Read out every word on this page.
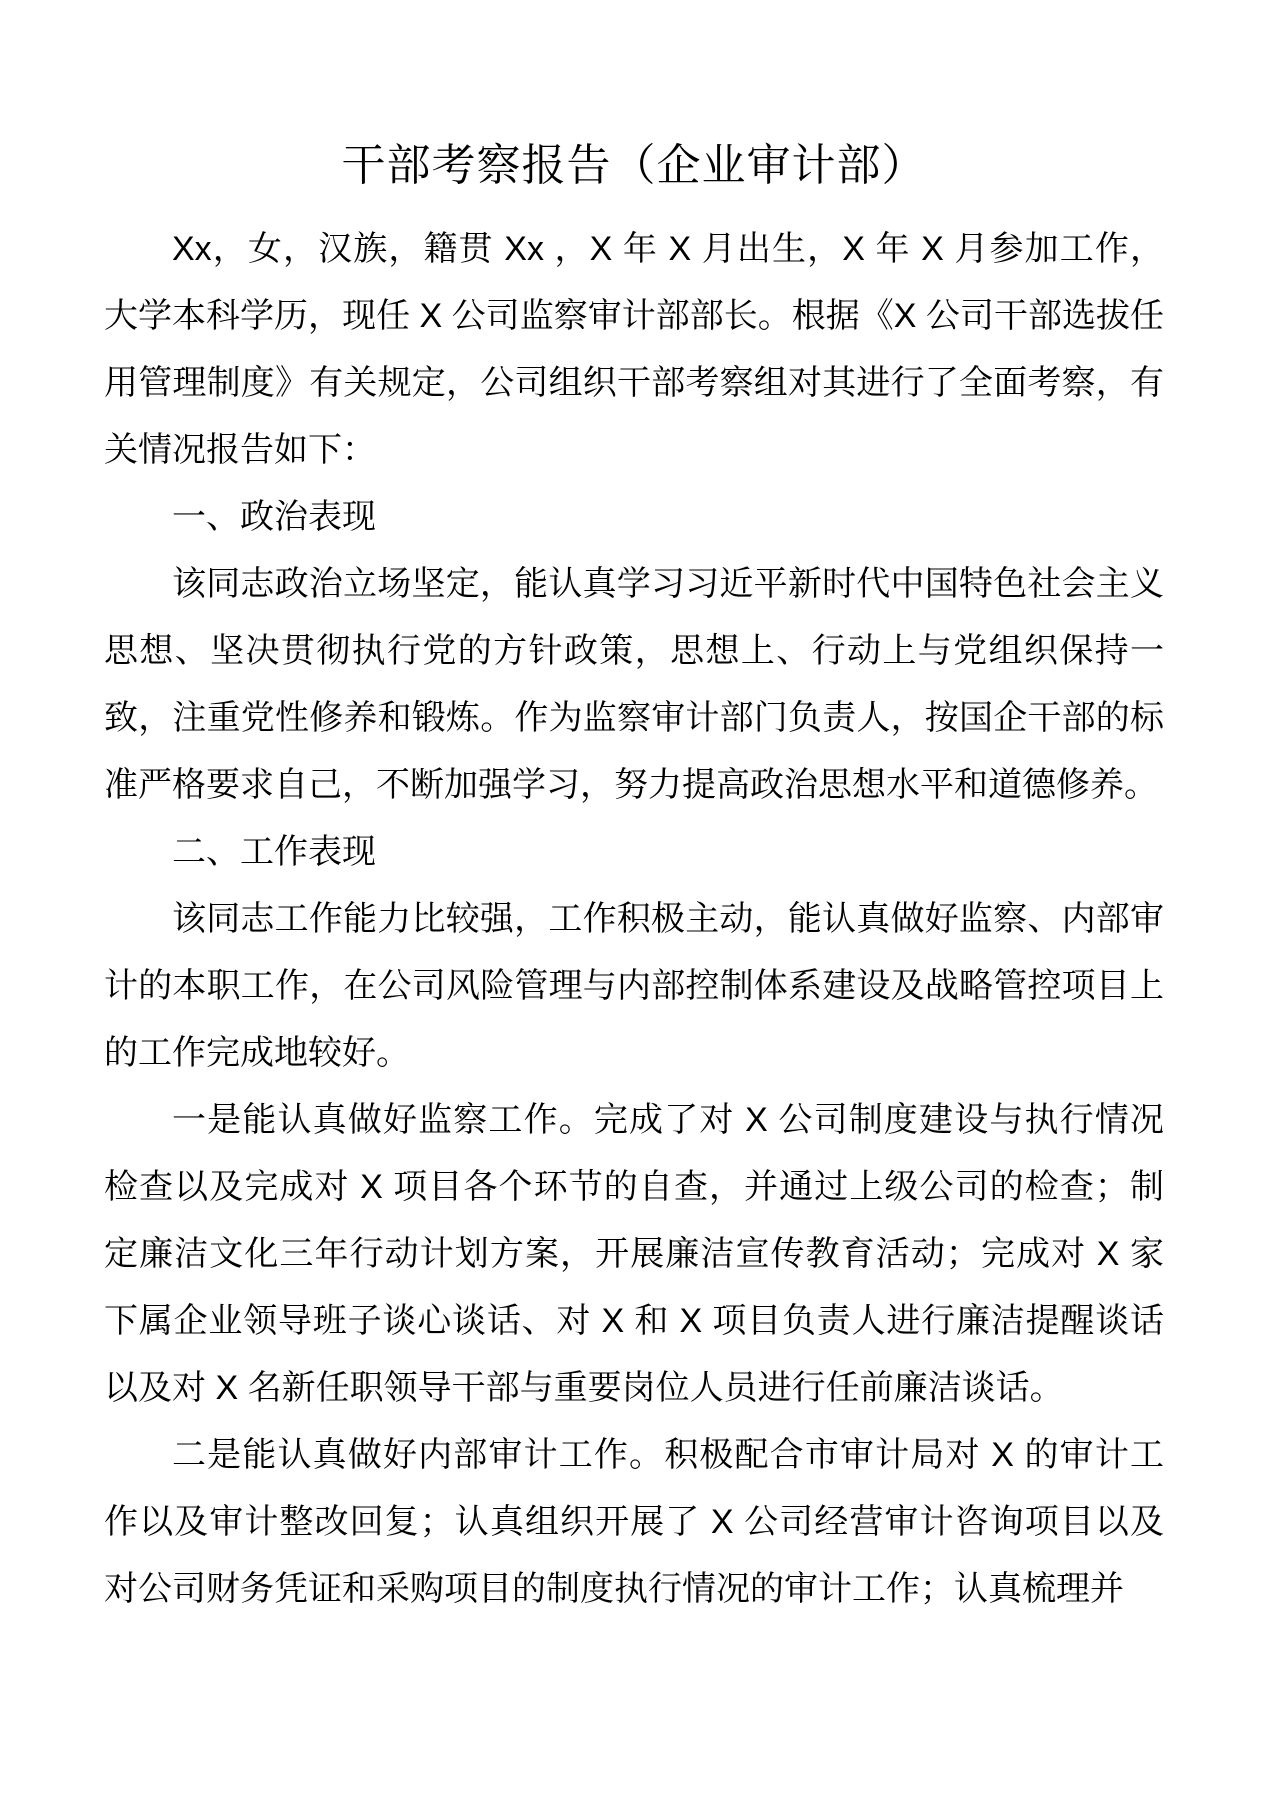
干部考察报告（企业审计部）

Xx，女，汉族，籍贯 Xx ，X 年 X 月出生，X 年 X 月参加工作，大学本科学历，现任 X 公司监察审计部部长。根据《X 公司干部选拔任用管理制度》有关规定，公司组织干部考察组对其进行了全面考察，有关情况报告如下：

一、政治表现

该同志政治立场坚定，能认真学习习近平新时代中国特色社会主义思想、坚决贯彻执行党的方针政策，思想上、行动上与党组织保持一致，注重党性修养和锻炼。作为监察审计部门负责人，按国企干部的标准严格要求自己，不断加强学习，努力提高政治思想水平和道德修养。

二、工作表现

该同志工作能力比较强，工作积极主动，能认真做好监察、内部审计的本职工作，在公司风险管理与内部控制体系建设及战略管控项目上的工作完成地较好。

一是能认真做好监察工作。完成了对 X 公司制度建设与执行情况检查以及完成对 X 项目各个环节的自查，并通过上级公司的检查；制定廉洁文化三年行动计划方案，开展廉洁宣传教育活动；完成对 X 家下属企业领导班子谈心谈话、对 X 和 X 项目负责人进行廉洁提醒谈话以及对 X 名新任职领导干部与重要岗位人员进行任前廉洁谈话。

二是能认真做好内部审计工作。积极配合市审计局对 X 的审计工作以及审计整改回复；认真组织开展了 X 公司经营审计咨询项目以及对公司财务凭证和采购项目的制度执行情况的审计工作；认真梳理并
